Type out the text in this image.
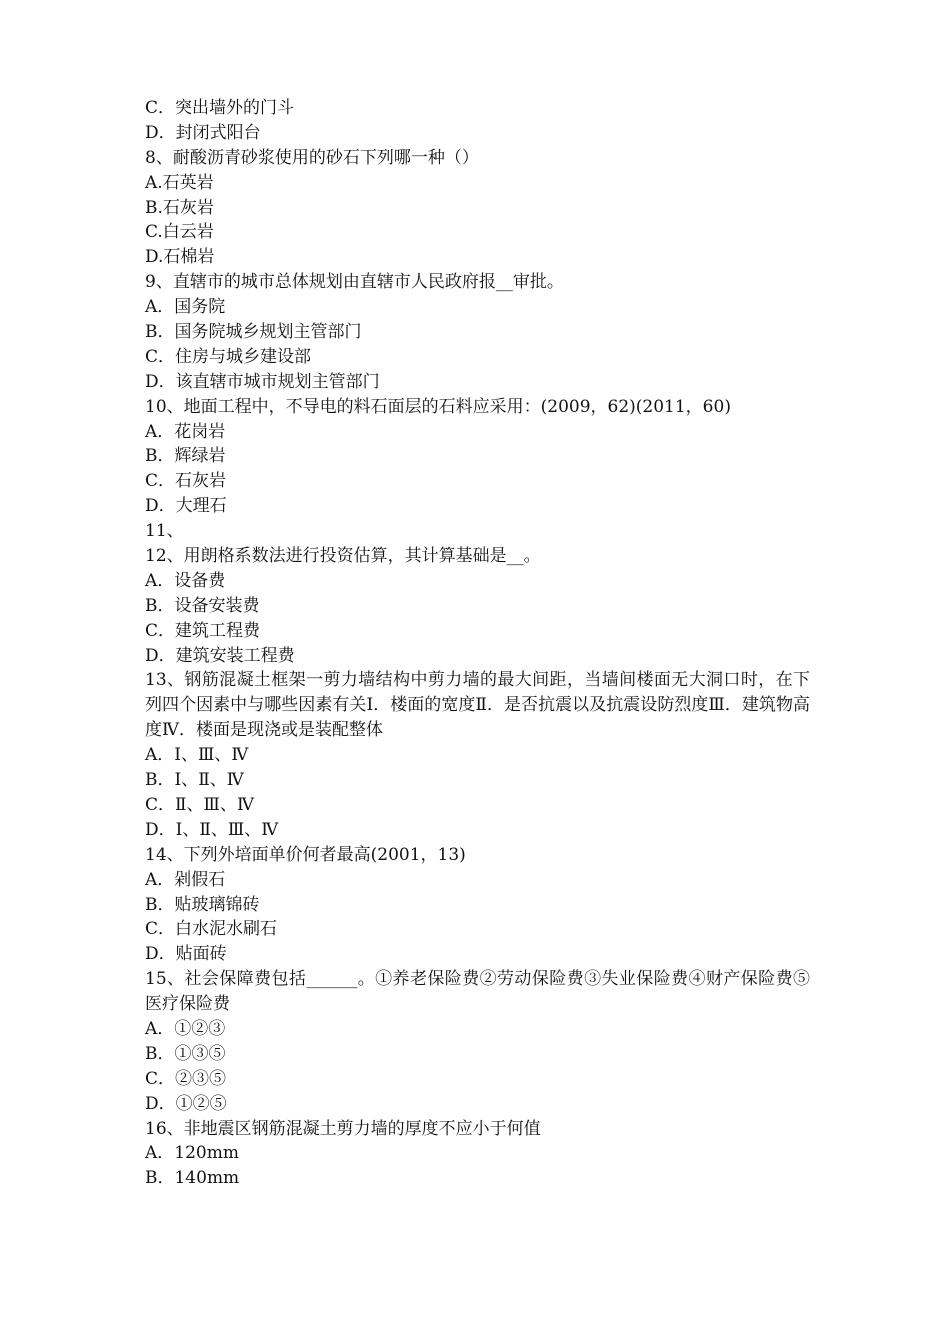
C．突出墙外的门斗
D．封闭式阳台
8、耐酸沥青砂浆使用的砂石下列哪一种（）
A.石英岩
B.石灰岩
C.白云岩
D.石棉岩
9、直辖市的城市总体规划由直辖市人民政府报__审批。
A．国务院
B．国务院城乡规划主管部门
C．住房与城乡建设部
D．该直辖市城市规划主管部门
10、地面工程中，不导电的料石面层的石料应采用：(2009，62)(2011，60)
A．花岗岩
B．辉绿岩
C．石灰岩
D．大理石
11、
12、用朗格系数法进行投资估算，其计算基础是__。
A．设备费
B．设备安装费
C．建筑工程费
D．建筑安装工程费
13、钢筋混凝土框架一剪力墙结构中剪力墙的最大间距，当墙间楼面无大洞口时，在下列四个因素中与哪些因素有关Ⅰ．楼面的宽度Ⅱ．是否抗震以及抗震设防烈度Ⅲ．建筑物高度Ⅳ．楼面是现浇或是装配整体
A．Ⅰ、Ⅲ、Ⅳ
B．Ⅰ、Ⅱ、Ⅳ
C．Ⅱ、Ⅲ、Ⅳ
D．Ⅰ、Ⅱ、Ⅲ、Ⅳ
14、下列外培面单价何者最高(2001，13)
A．剁假石
B．贴玻璃锦砖
C．白水泥水刷石
D．贴面砖
15、社会保障费包括______。①养老保险费②劳动保险费③失业保险费④财产保险费⑤医疗保险费
A．①②③
B．①③⑤
C．②③⑤
D．①②⑤
16、非地震区钢筋混凝土剪力墙的厚度不应小于何值
A．120mm
B．140mm
